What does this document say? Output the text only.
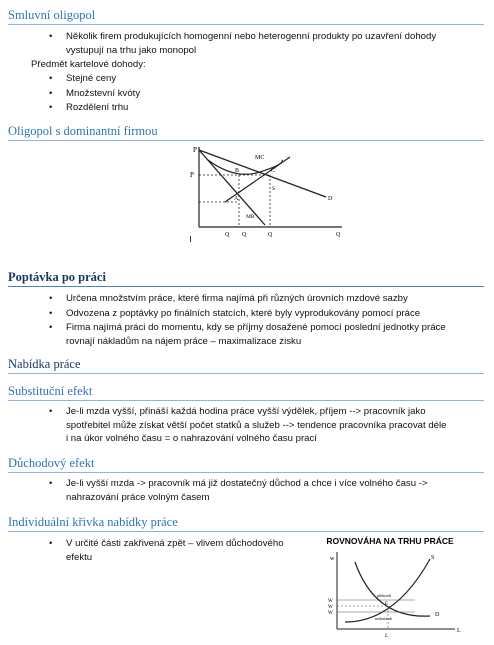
Smluvní oligopol
• Několik firem produkujících homogenní nebo heterogenní produkty po uzavření dohody
vystupují na trhu jako monopol
Předmět kartelové dohody:
• Stejné ceny
• Množstevní kvóty
• Rozdělení trhu
Oligopol s dominantní firmou
P
P
MC
B	C
A
S
D
MR
Q Q	Q	Q
Poptávka po práci
• Určena množstvím práce, které firma najímá při různých úrovních mzdové sazby
• Odvozena z poptávky po finálních statcích, které byly vyprodukovány pomocí práce
• Firma najímá práci do momentu, kdy se příjmy dosažené pomocí poslední jednotky práce
rovnají nákladům na nájem práce – maximalizace zisku
Nabídka práce
Substituční efekt
• Je-li mzda vyšší, přináší každá hodina práce vyšší výdělek, příjem --> pracovník jako
spotřebitel může získat větší počet statků a služeb --> tendence pracovníka pracovat déle
i na úkor volného času = o nahrazování volného času prací
Důchodový efekt
• Je-li vyšší mzda -> pracovník má již dostatečný důchod a chce i více volného času ->
nahrazování práce volným časem
Individuální křivka nabídky práce
• V určité části zakřivená zpět – vlivem důchodového
efektu
ROVNOVÁHA NA TRHU PRÁCE
w	S
D
L
L
W
W
W
E
přebytek
nedostatek
